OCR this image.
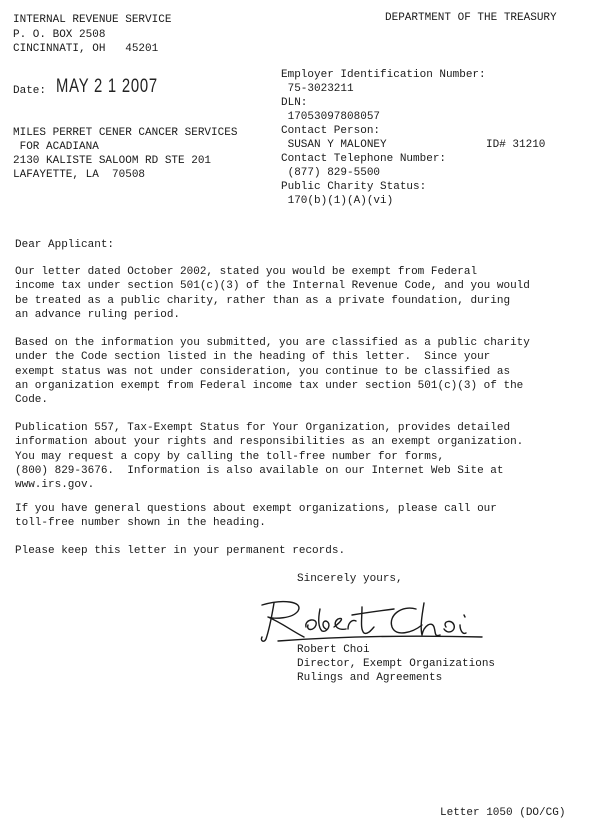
INTERNAL REVENUE SERVICE
P. O. BOX 2508
CINCINNATI, OH   45201
DEPARTMENT OF THE TREASURY
Date: MAY 2 1 2007
MILES PERRET CENER CANCER SERVICES
FOR ACADIANA
2130 KALISTE SALOOM RD STE 201
LAFAYETTE, LA  70508
Employer Identification Number:
75-3023211
DLN:
17053097808057
Contact Person:
SUSAN Y MALONEY	ID# 31210
Contact Telephone Number:
(877) 829-5500
Public Charity Status:
170(b)(1)(A)(vi)
Dear Applicant:
Our letter dated October 2002, stated you would be exempt from Federal
income tax under section 501(c)(3) of the Internal Revenue Code, and you would
be treated as a public charity, rather than as a private foundation, during
an advance ruling period.
Based on the information you submitted, you are classified as a public charity
under the Code section listed in the heading of this letter.  Since your
exempt status was not under consideration, you continue to be classified as
an organization exempt from Federal income tax under section 501(c)(3) of the
Code.
Publication 557, Tax-Exempt Status for Your Organization, provides detailed
information about your rights and responsibilities as an exempt organization.
You may request a copy by calling the toll-free number for forms,
(800) 829-3676.  Information is also available on our Internet Web Site at
www.irs.gov.
If you have general questions about exempt organizations, please call our
toll-free number shown in the heading.
Please keep this letter in your permanent records.
Sincerely yours,
Robert Choi
Director, Exempt Organizations
Rulings and Agreements
Letter 1050 (DO/CG)
